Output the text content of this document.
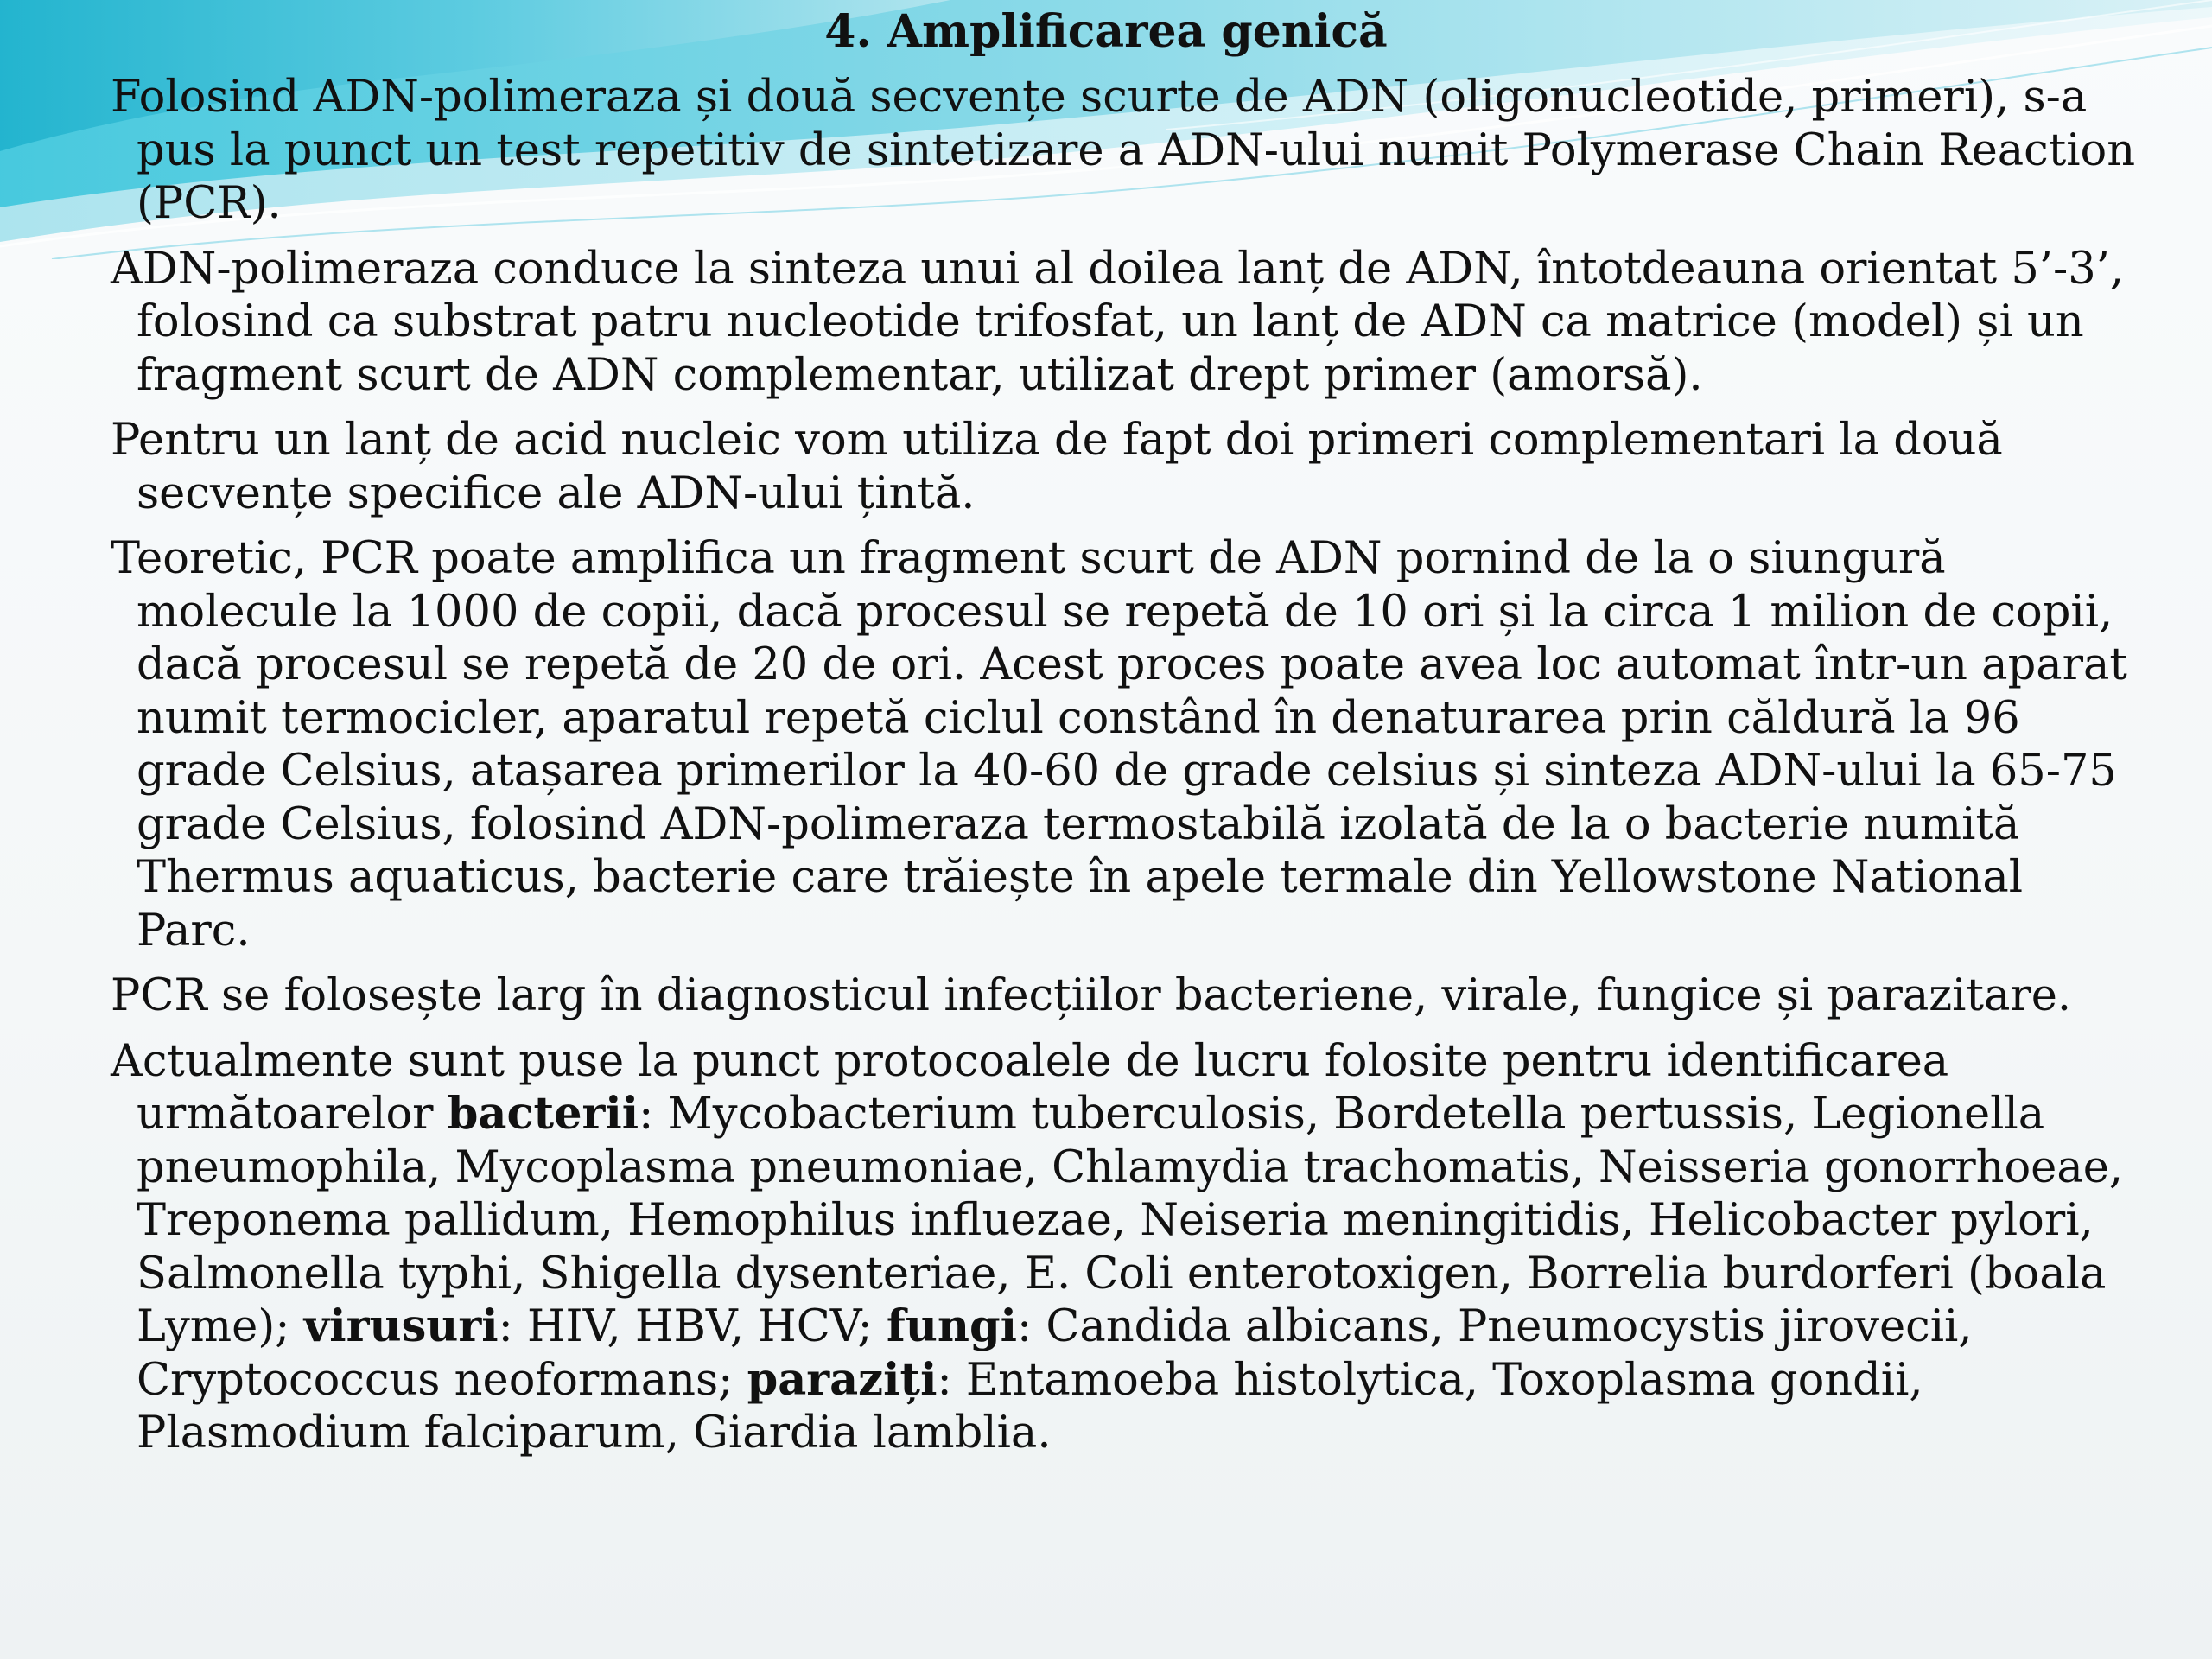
4. Amplificarea genică

Folosind ADN-polimeraza și două secvențe scurte de ADN (oligonucleotide, primeri), s-a pus la punct un test repetitiv de sintetizare a ADN-ului numit Polymerase Chain Reaction (PCR).

ADN-polimeraza conduce la sinteza unui al doilea lanț de ADN, întotdeauna orientat 5’-3’, folosind ca substrat patru nucleotide trifosfat, un lanț de ADN ca matrice (model) și un fragment scurt de ADN complementar, utilizat drept primer (amorsă).

Pentru un lanț de acid nucleic vom utiliza de fapt doi primeri complementari la două secvențe specifice ale ADN-ului țintă.

Teoretic, PCR poate amplifica un fragment scurt de ADN pornind de la o siungură molecule la 1000 de copii, dacă procesul se repetă de 10 ori și la circa 1 milion de copii, dacă procesul se repetă de 20 de ori. Acest proces poate avea loc automat într-un aparat numit termocicler, aparatul repetă ciclul constând în denaturarea prin căldură la 96 grade Celsius, atașarea primerilor la 40-60 de grade celsius și sinteza ADN-ului la 65-75 grade Celsius, folosind ADN-polimeraza termostabilă izolată de la o bacterie numită Thermus aquaticus, bacterie care trăiește în apele termale din Yellowstone National Parc.

PCR se folosește larg în diagnosticul infecțiilor bacteriene, virale, fungice și parazitare.

Actualmente sunt puse la punct protocoalele de lucru folosite pentru identificarea următoarelor bacterii: Mycobacterium tuberculosis, Bordetella pertussis, Legionella pneumophila, Mycoplasma pneumoniae, Chlamydia trachomatis, Neisseria gonorrhoeae, Treponema pallidum, Hemophilus influezae, Neiseria meningitidis, Helicobacter pylori, Salmonella typhi, Shigella dysenteriae, E. Coli enterotoxigen, Borrelia burdorferi (boala Lyme); virusuri: HIV, HBV, HCV; fungi: Candida albicans, Pneumocystis jirovecii, Cryptococcus neoformans; paraziți: Entamoeba histolytica, Toxoplasma gondii, Plasmodium falciparum, Giardia lamblia.
